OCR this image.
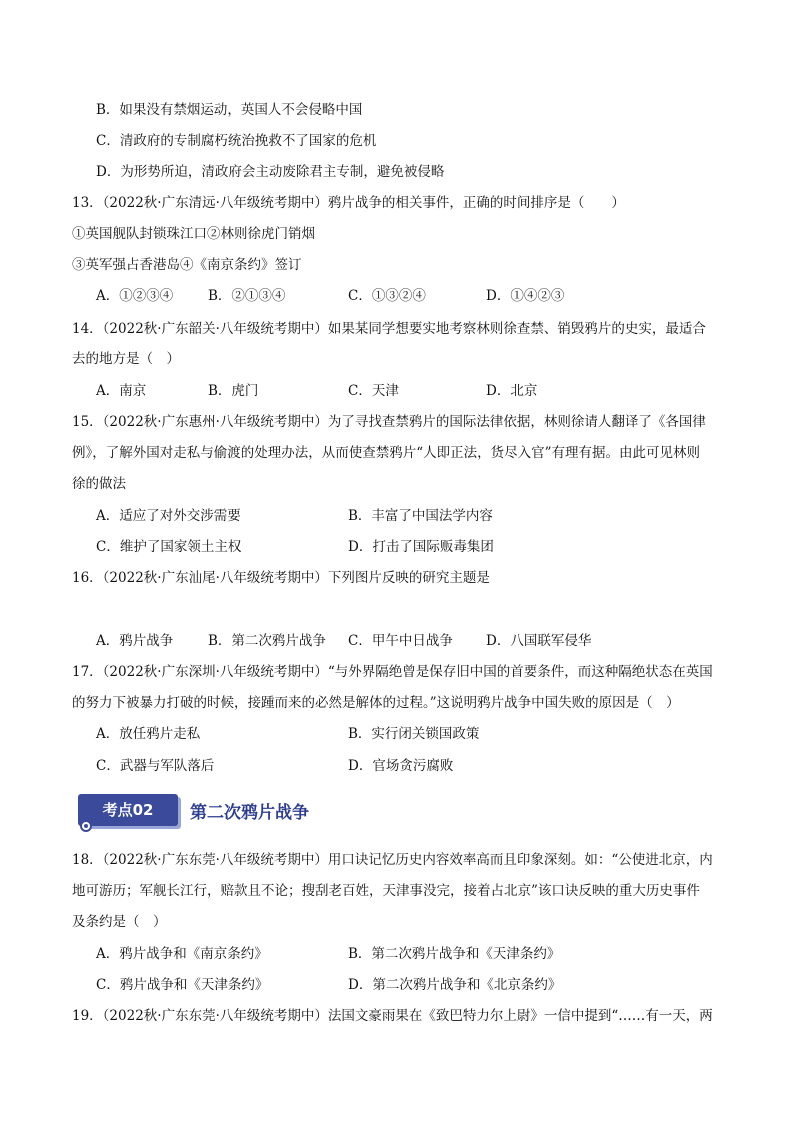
B．如果没有禁烟运动，英国人不会侵略中国
C．清政府的专制腐朽统治挽救不了国家的危机
D．为形势所迫，清政府会主动废除君主专制，避免被侵略
13．（2022秋·广东清远·八年级统考期中）鸦片战争的相关事件，正确的时间排序是（　　）
①英国舰队封锁珠江口②林则徐虎门销烟
③英军强占香港岛④《南京条约》签订
A．①②③④	B．②①③④	C．①③②④	D．①④②③
14．（2022秋·广东韶关·八年级统考期中）如果某同学想要实地考察林则徐查禁、销毁鸦片的史实，最适合
去的地方是（　）
A．南京	B．虎门	C．天津	D．北京
15．（2022秋·广东惠州·八年级统考期中）为了寻找查禁鸦片的国际法律依据，林则徐请人翻译了《各国律
例》，了解外国对走私与偷渡的处理办法，从而使查禁鸦片“人即正法，货尽入官”有理有据。由此可见林则
徐的做法
A．适应了对外交涉需要	B．丰富了中国法学内容
C．维护了国家领土主权	D．打击了国际贩毒集团
16．（2022秋·广东汕尾·八年级统考期中）下列图片反映的研究主题是
A．鸦片战争	B．第二次鸦片战争 C．甲午中日战争 D．八国联军侵华
17．（2022秋·广东深圳·八年级统考期中）“与外界隔绝曾是保存旧中国的首要条件，而这种隔绝状态在英国
的努力下被暴力打破的时候，接踵而来的必然是解体的过程。”这说明鸦片战争中国失败的原因是（　）
A．放任鸦片走私	B．实行闭关锁国政策
C．武器与军队落后	D．官场贪污腐败
考点02	第二次鸦片战争
18．（2022秋·广东东莞·八年级统考期中）用口诀记忆历史内容效率高而且印象深刻。如：“公使进北京，内
地可游历；军舰长江行，赔款且不论；搜刮老百姓，天津事没完，接着占北京”该口诀反映的重大历史事件
及条约是（　）
A．鸦片战争和《南京条约》	B．第二次鸦片战争和《天津条约》
C．鸦片战争和《天津条约》	D．第二次鸦片战争和《北京条约》
19．（2022秋·广东东莞·八年级统考期中）法国文豪雨果在《致巴特力尔上尉》一信中提到“……有一天，两
